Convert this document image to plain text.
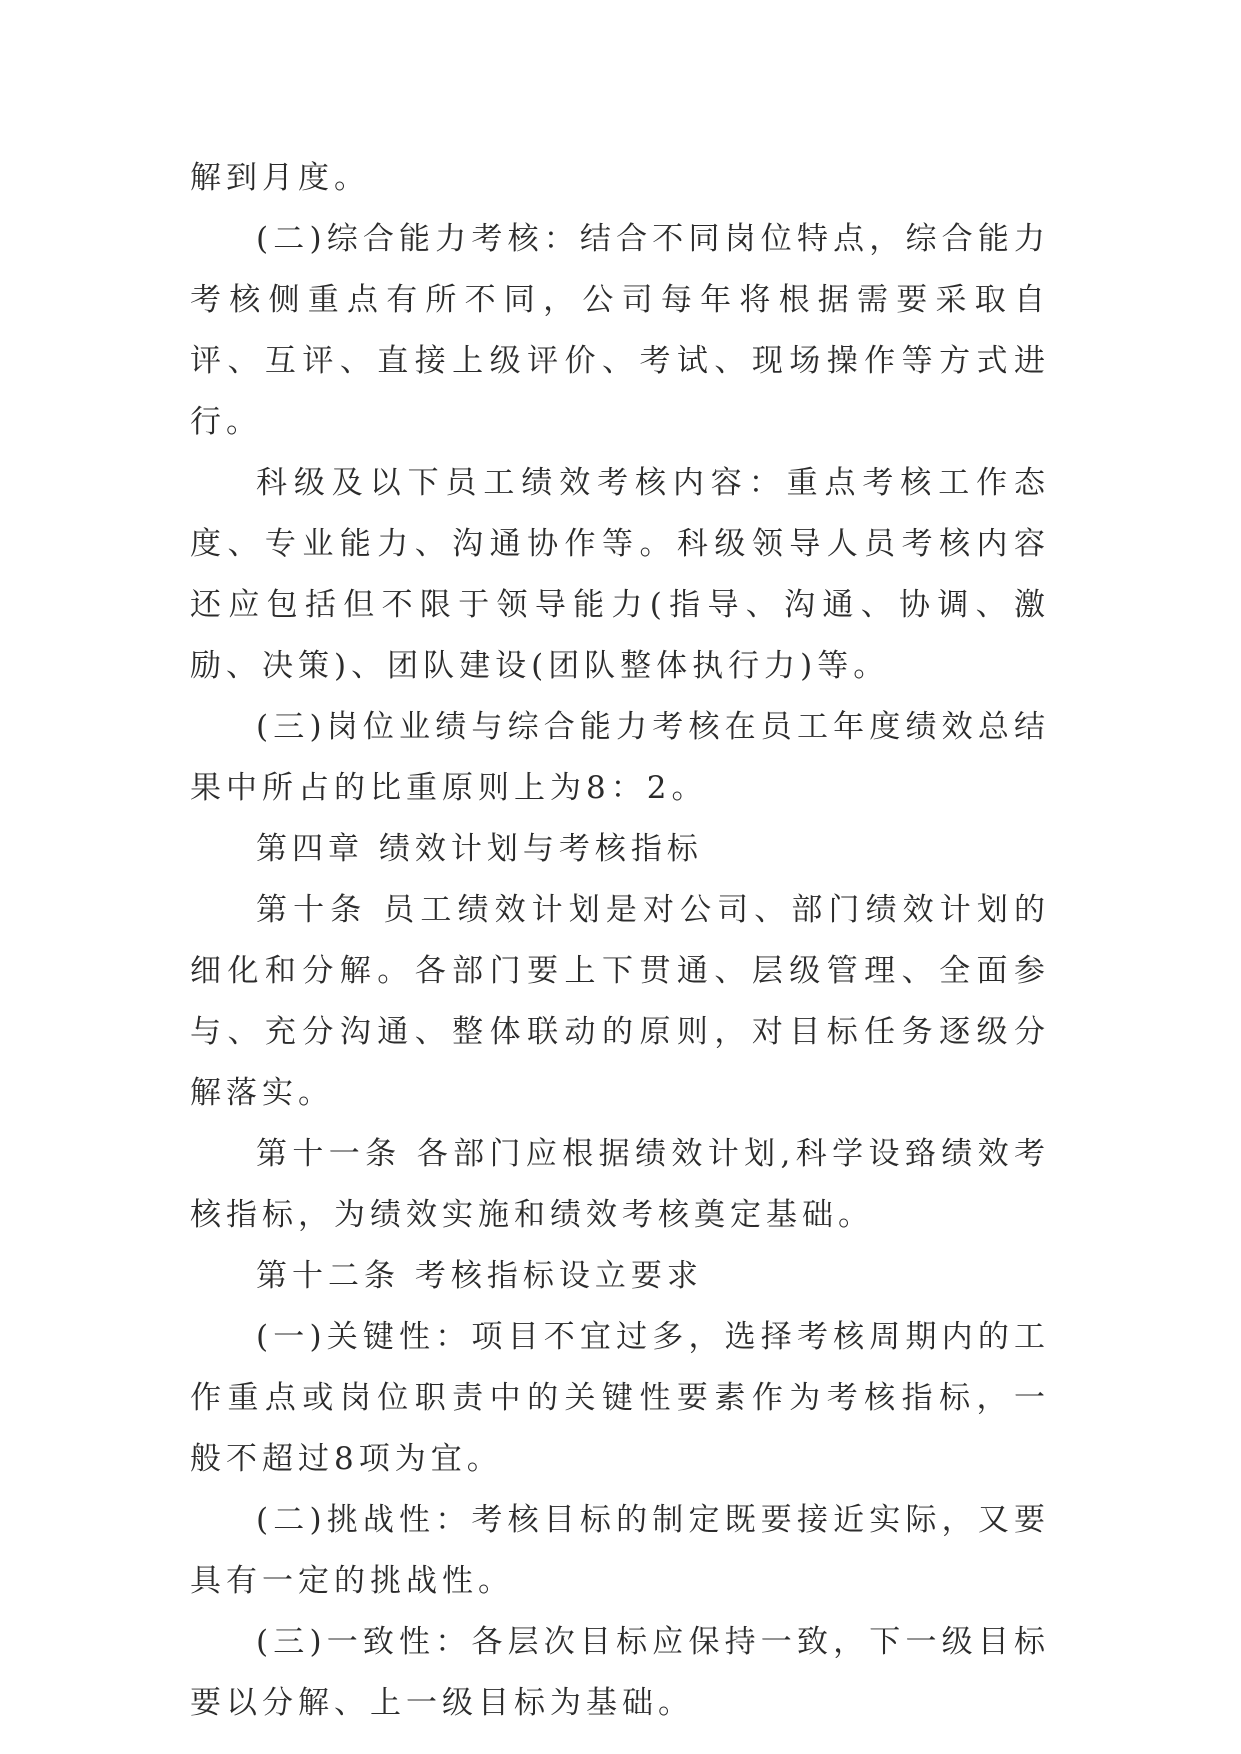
解到月度。

(二)综合能力考核：结合不同岗位特点，综合能力考核侧重点有所不同，公司每年将根据需要采取自评、互评、直接上级评价、考试、现场操作等方式进行。

科级及以下员工绩效考核内容：重点考核工作态度、专业能力、沟通协作等。科级领导人员考核内容还应包括但不限于领导能力(指导、沟通、协调、激励、决策)、团队建设(团队整体执行力)等。

(三)岗位业绩与综合能力考核在员工年度绩效总结果中所占的比重原则上为8：2。

第四章 绩效计划与考核指标

第十条 员工绩效计划是对公司、部门绩效计划的细化和分解。各部门要上下贯通、层级管理、全面参与、充分沟通、整体联动的原则，对目标任务逐级分解落实。

第十一条 各部门应根据绩效计划,科学设臵绩效考核指标，为绩效实施和绩效考核奠定基础。

第十二条 考核指标设立要求

(一)关键性：项目不宜过多，选择考核周期内的工作重点或岗位职责中的关键性要素作为考核指标，一般不超过8项为宜。

(二)挑战性：考核目标的制定既要接近实际，又要具有一定的挑战性。

(三)一致性：各层次目标应保持一致，下一级目标要以分解、上一级目标为基础。
